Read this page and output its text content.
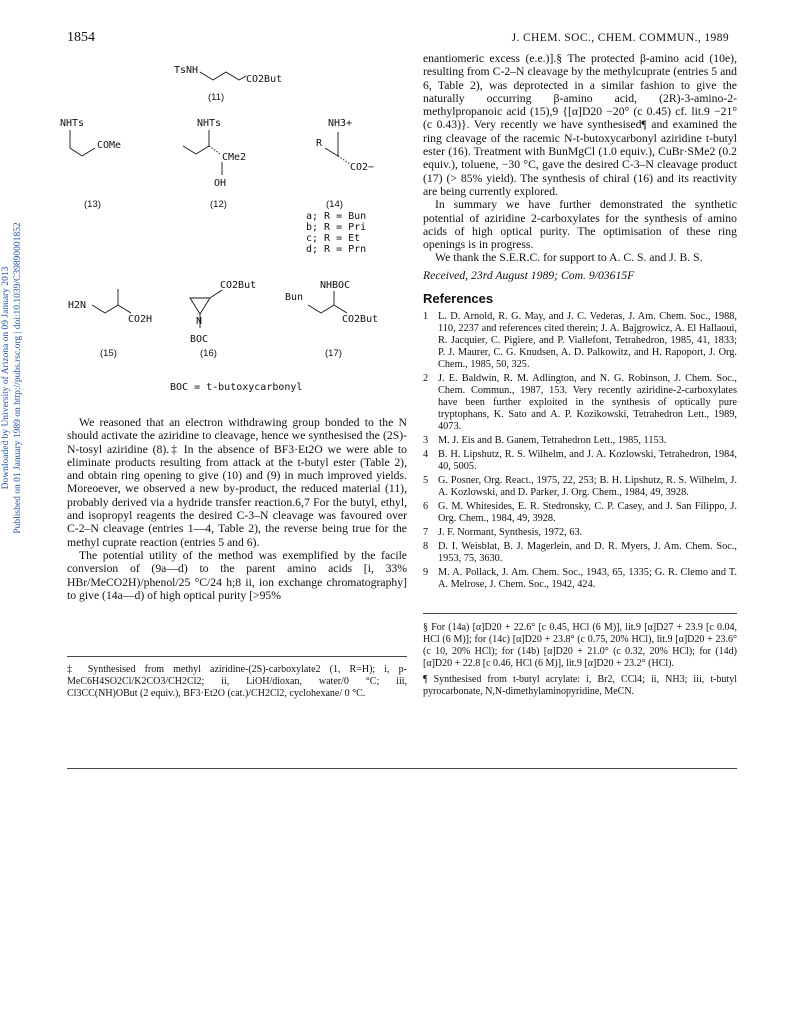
1854	J. CHEM. SOC., CHEM. COMMUN., 1989
Downloaded by University of Arizona on 09 January 2013 Published on 01 January 1989 on http://pubs.rsc.org | doi:10.1039/C39890001852
TsNH
CO2But
(11)
NHTs
COMe
(13)
NHTs
CMe2
OH
(12)
NH3+
R
CO2−
(14)
a; R = Bun
b; R = Pri
c; R = Et
d; R = Prn
H2N
CO2H
(15)
CO2But
N
BOC
(16)
NHBOC
Bun
CO2But
(17)
BOC = t-butoxycarbonyl

We reasoned that an electron withdrawing group bonded to the N should activate the aziridine to cleavage, hence we synthesised the (2S)-N-tosyl aziridine (8).‡ In the absence of BF3·Et2O we were able to eliminate products resulting from attack at the t-butyl ester (Table 2), and obtain ring opening to give (10) and (9) in much improved yields. Moreoever, we observed a new by-product, the reduced material (11), probably derived via a hydride transfer reaction.6,7 For the butyl, ethyl, and isopropyl reagents the desired C-3–N cleavage was favoured over C-2–N cleavage (entries 1—4, Table 2), the reverse being true for the methyl cuprate reaction (entries 5 and 6).

The potential utility of the method was exemplified by the facile conversion of (9a—d) to the parent amino acids [i, 33% HBr/MeCO2H)/phenol/25 °C/24 h;8 ii, ion exchange chromatography] to give (14a—d) of high optical purity [>95%

‡ Synthesised from methyl aziridine-(2S)-carboxylate2 (1, R=H); i, p-MeC6H4SO2Cl/K2CO3/CH2Cl2; ii, LiOH/dioxan, water/0 °C; iii, Cl3CC(NH)OBut (2 equiv.), BF3·Et2O (cat.)/CH2Cl2, cyclohexane/ 0 °C.

enantiomeric excess (e.e.)].§ The protected β-amino acid (10e), resulting from C-2–N cleavage by the methylcuprate (entries 5 and 6, Table 2), was deprotected in a similar fashion to give the naturally occurring β-amino acid, (2R)-3-amino-2-methylpropanoic acid (15),9 {[α]D20 −20° (c 0.45) cf. lit.9 −21° (c 0.43)}. Very recently we have synthesised¶ and examined the ring cleavage of the racemic N-t-butoxycarbonyl aziridine t-butyl ester (16). Treatment with BunMgCl (1.0 equiv.), CuBr·SMe2 (0.2 equiv.), toluene, −30 °C, gave the desired C-3–N cleavage product (17) (> 85% yield). The synthesis of chiral (16) and its reactivity are being currently explored.

In summary we have further demonstrated the synthetic potential of aziridine 2-carboxylates for the synthesis of amino acids of high optical purity. The optimisation of these ring openings is in progress.

We thank the S.E.R.C. for support to A. C. S. and J. B. S.

Received, 23rd August 1989; Com. 9/03615F

References
1 L. D. Arnold, R. G. May, and J. C. Vederas, J. Am. Chem. Soc., 1988, 110, 2237 and references cited therein; J. A. Bajgrowicz, A. El Hallaoui, R. Jacquier, C. Pigiere, and P. Viallefont, Tetrahedron, 1985, 41, 1833; P. J. Maurer, C. G. Knudsen, A. D. Palkowitz, and H. Rapoport, J. Org. Chem., 1985, 50, 325.
2 J. E. Baldwin, R. M. Adlington, and N. G. Robinson, J. Chem. Soc., Chem. Commun., 1987, 153. Very recently aziridine-2-carboxylates have been further exploited in the synthesis of optically pure tryptophans, K. Sato and A. P. Kozikowski, Tetrahedron Lett., 1989, 4073.
3 M. J. Eis and B. Ganem, Tetrahedron Lett., 1985, 1153.
4 B. H. Lipshutz, R. S. Wilhelm, and J. A. Kozlowski, Tetrahedron, 1984, 40, 5005.
5 G. Posner, Org. React., 1975, 22, 253; B. H. Lipshutz, R. S. Wilhelm, J. A. Kozlowski, and D. Parker, J. Org. Chem., 1984, 49, 3928.
6 G. M. Whitesides, E. R. Stedronsky, C. P. Casey, and J. San Filippo, J. Org. Chem., 1984, 49, 3928.
7 J. F. Normant, Synthesis, 1972, 63.
8 D. I. Weisblat, B. J. Magerlein, and D. R. Myers, J. Am. Chem. Soc., 1953, 75, 3630.
9 M. A. Pollack, J. Am. Chem. Soc., 1943, 65, 1335; G. R. Clemo and T. A. Melrose, J. Chem. Soc., 1942, 424.

§ For (14a) [α]D20 + 22.6° [c 0.45, HCl (6 M)], lit.9 [α]D27 + 23.9 [c 0.04, HCl (6 M)]; for (14c) [α]D20 + 23.8° (c 0.75, 20% HCl), lit.9 [α]D20 + 23.6° (c 10, 20% HCl); for (14b) [α]D20 + 21.0° (c 0.32, 20% HCl); for (14d) [α]D20 + 22.8 [c 0.46, HCl (6 M)], lit.9 [α]D20 + 23.2° (HCl).

¶ Synthesised from t-butyl acrylate: i, Br2, CCl4; ii, NH3; iii, t-butyl pyrocarbonate, N,N-dimethylaminopyridine, MeCN.
